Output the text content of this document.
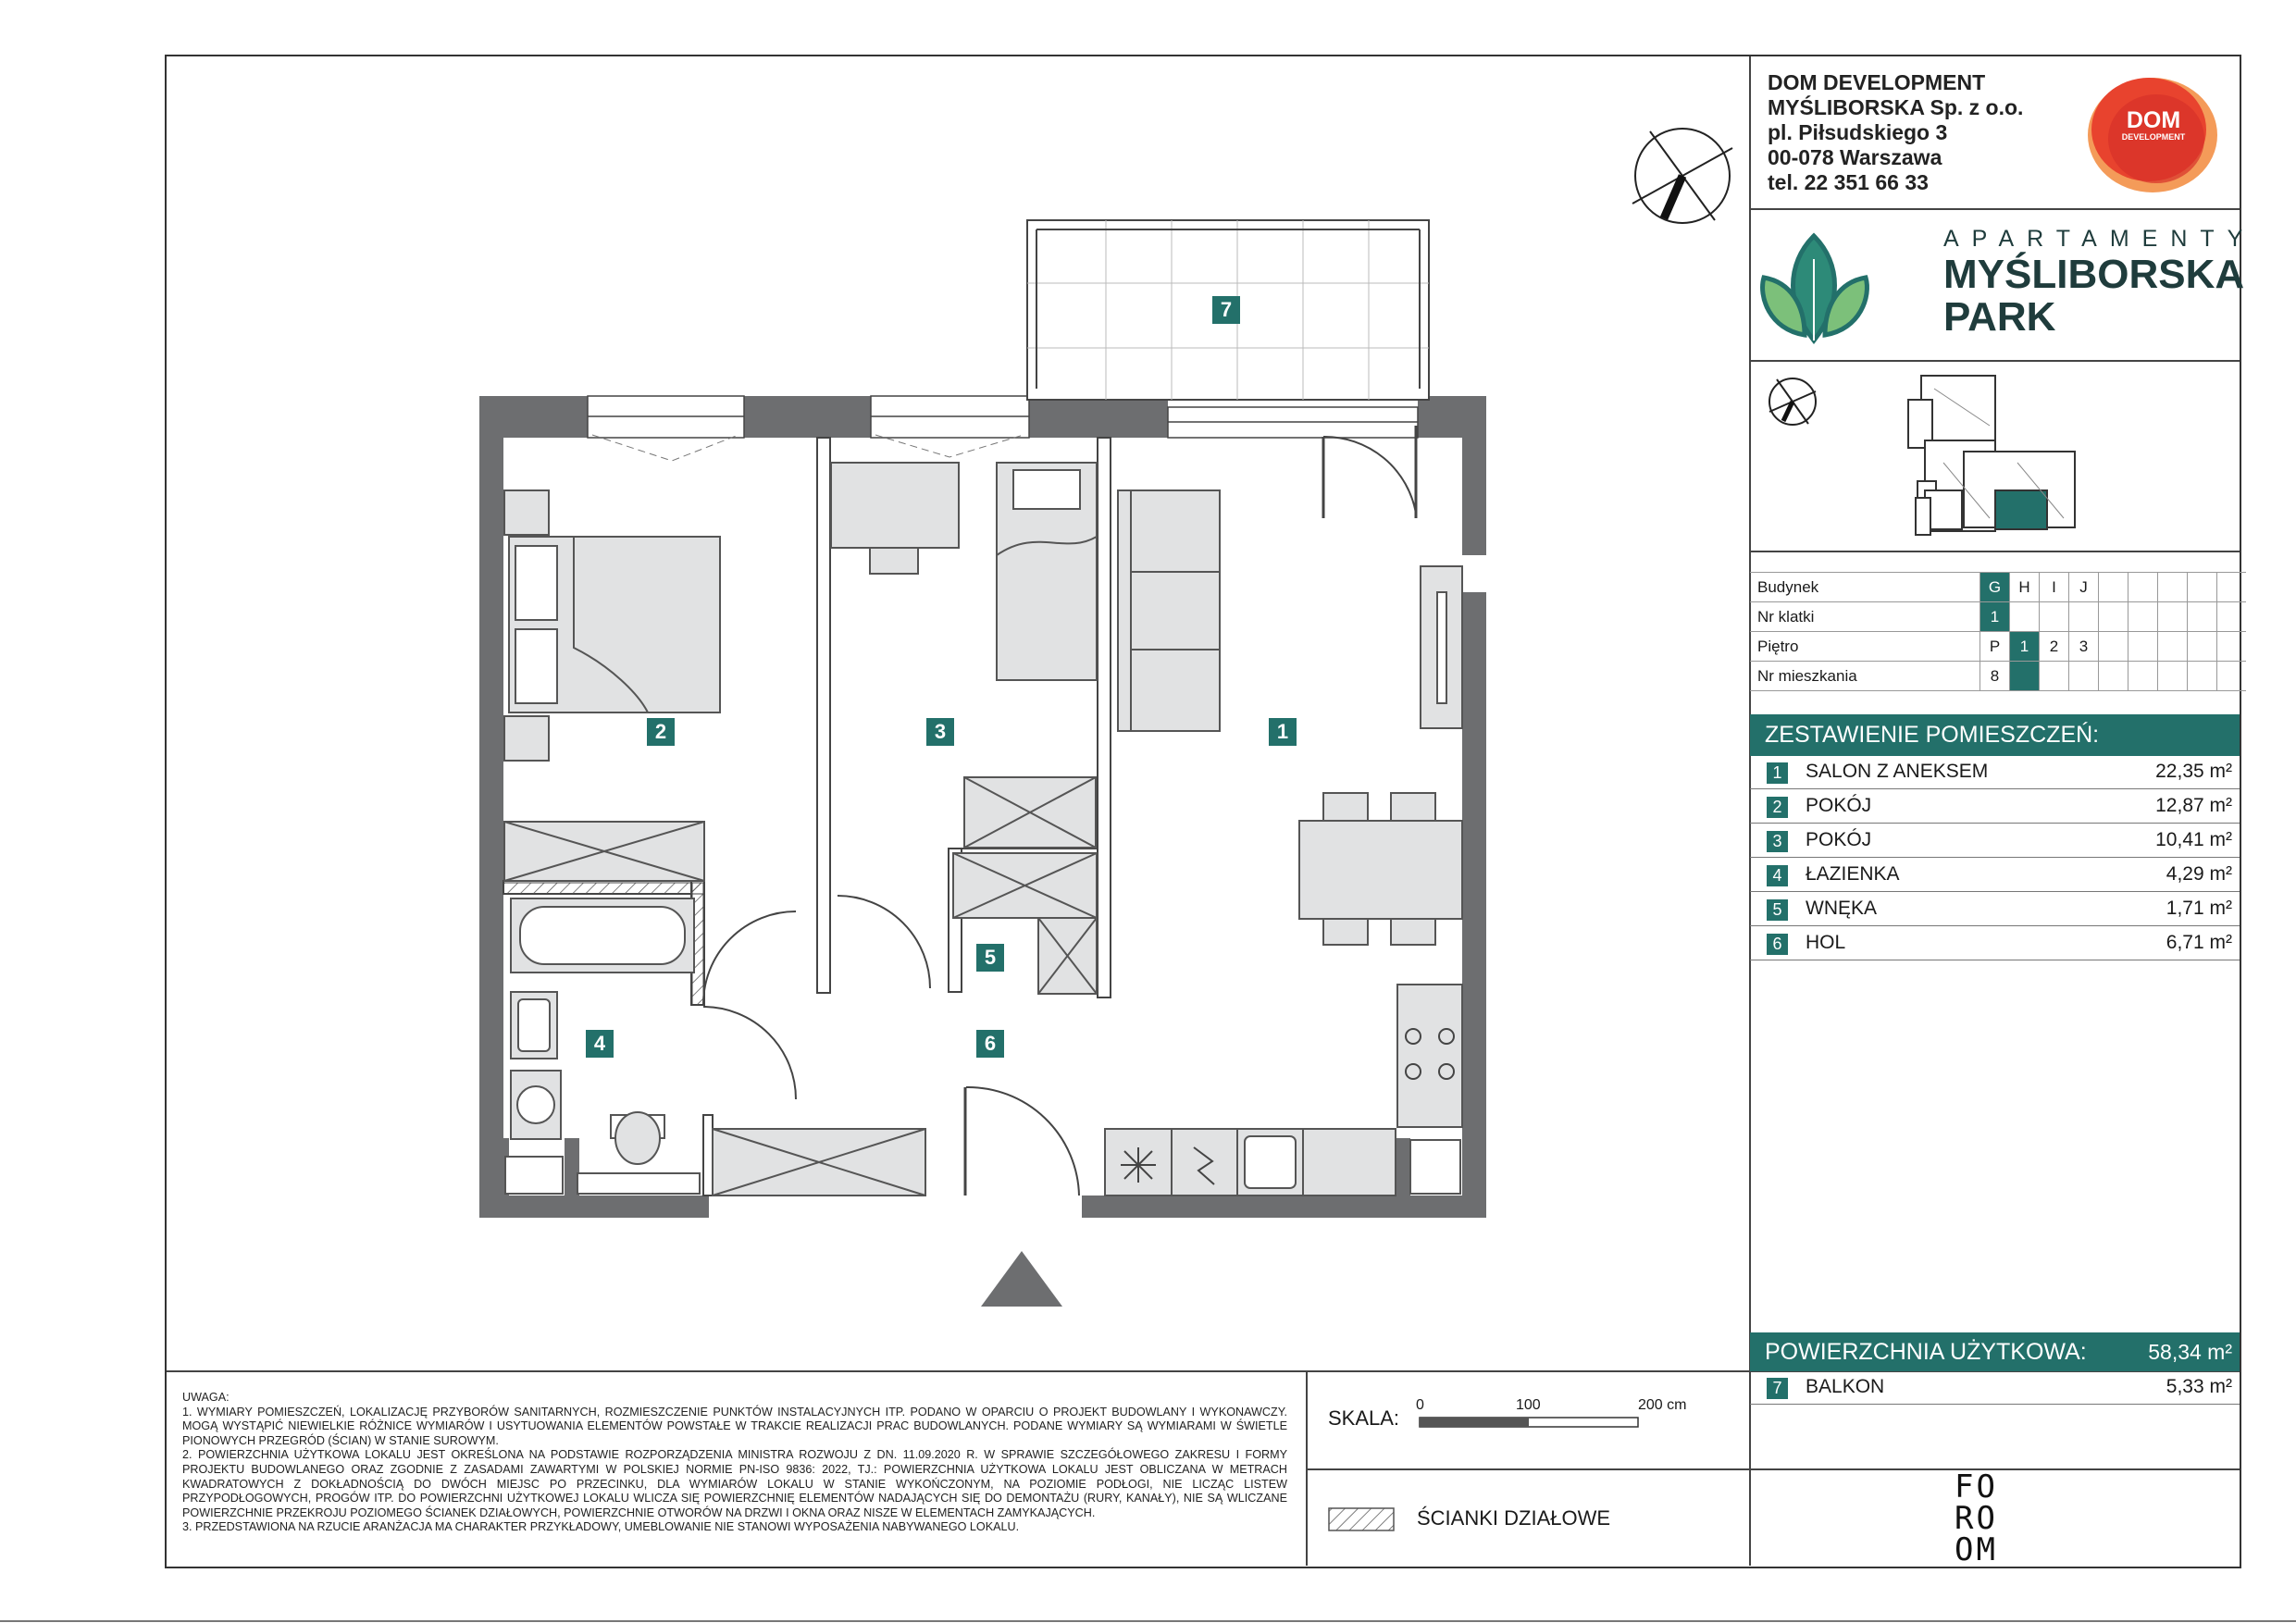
DOM DEVELOPMENT
MYŚLIBORSKA Sp. z o.o.
pl. Piłsudskiego 3
00-078 Warszawa
tel. 22 351 66 33
DOM
DEVELOPMENT
APARTAMENTY
MYŚLIBORSKA
PARK
Budynek	G	H	I	J					
Nr klatki	1								
Piętro	P	1	2	3					
Nr mieszkania	8								
ZESTAWIENIE POMIESZCZEŃ:
1	SALON Z ANEKSEM	22,35 m²
2	POKÓJ	12,87 m²
3	POKÓJ	10,41 m²
4	ŁAZIENKA	4,29 m²
5	WNĘKA	1,71 m²
6	HOL	6,71 m²
POWIERZCHNIA UŻYTKOWA:	58,34 m²
7	BALKON	5,33 m²
1
2	3
4
5
6
7
UWAGA:
1. WYMIARY POMIESZCZEŃ, LOKALIZACJĘ PRZYBORÓW SANITARNYCH, ROZMIESZCZENIE PUNKTÓW INSTALACYJNYCH ITP. PODANO W OPARCIU O PROJEKT BUDOWLANY I WYKONAWCZY. MOGĄ WYSTĄPIĆ NIEWIELKIE RÓŻNICE WYMIARÓW I USYTUOWANIA ELEMENTÓW POWSTAŁE W TRAKCIE REALIZACJI PRAC BUDOWLANYCH. PODANE WYMIARY SĄ WYMIARAMI W ŚWIETLE PIONOWYCH PRZEGRÓD (ŚCIAN) W STANIE SUROWYM.
2. POWIERZCHNIA UŻYTKOWA LOKALU JEST OKREŚLONA NA PODSTAWIE ROZPORZĄDZENIA MINISTRA ROZWOJU Z DN. 11.09.2020 R. W SPRAWIE SZCZEGÓŁOWEGO ZAKRESU I FORMY PROJEKTU BUDOWLANEGO ORAZ ZGODNIE Z ZASADAMI ZAWARTYMI W POLSKIEJ NORMIE PN-ISO 9836: 2022, TJ.: POWIERZCHNIA UŻYTKOWA LOKALU JEST OBLICZANA W METRACH KWADRATOWYCH Z DOKŁADNOŚCIĄ DO DWÓCH MIEJSC PO PRZECINKU, DLA WYMIARÓW LOKALU W STANIE WYKOŃCZONYM, NA POZIOMIE PODŁOGI, NIE LICZĄC LISTEW PRZYPODŁOGOWYCH, PROGÓW ITP. DO POWIERZCHNI UŻYTKOWEJ LOKALU WLICZA SIĘ POWIERZCHNIĘ ELEMENTÓW NADAJĄCYCH SIĘ DO DEMONTAŻU (RURY, KANAŁY), NIE SĄ WLICZANE POWIERZCHNIE PRZEKROJU POZIOMEGO ŚCIANEK DZIAŁOWYCH, POWIERZCHNIE OTWORÓW NA DRZWI I OKNA ORAZ NISZE W ELEMENTACH ZAMYKAJĄCYCH.
3. PRZEDSTAWIONA NA RZUCIE ARANŻACJA MA CHARAKTER PRZYKŁADOWY, UMEBLOWANIE NIE STANOWI WYPOSAŻENIA NABYWANEGO LOKALU.
SKALA:
0	100	200 cm
ŚCIANKI DZIAŁOWE
FO
RO
OM
